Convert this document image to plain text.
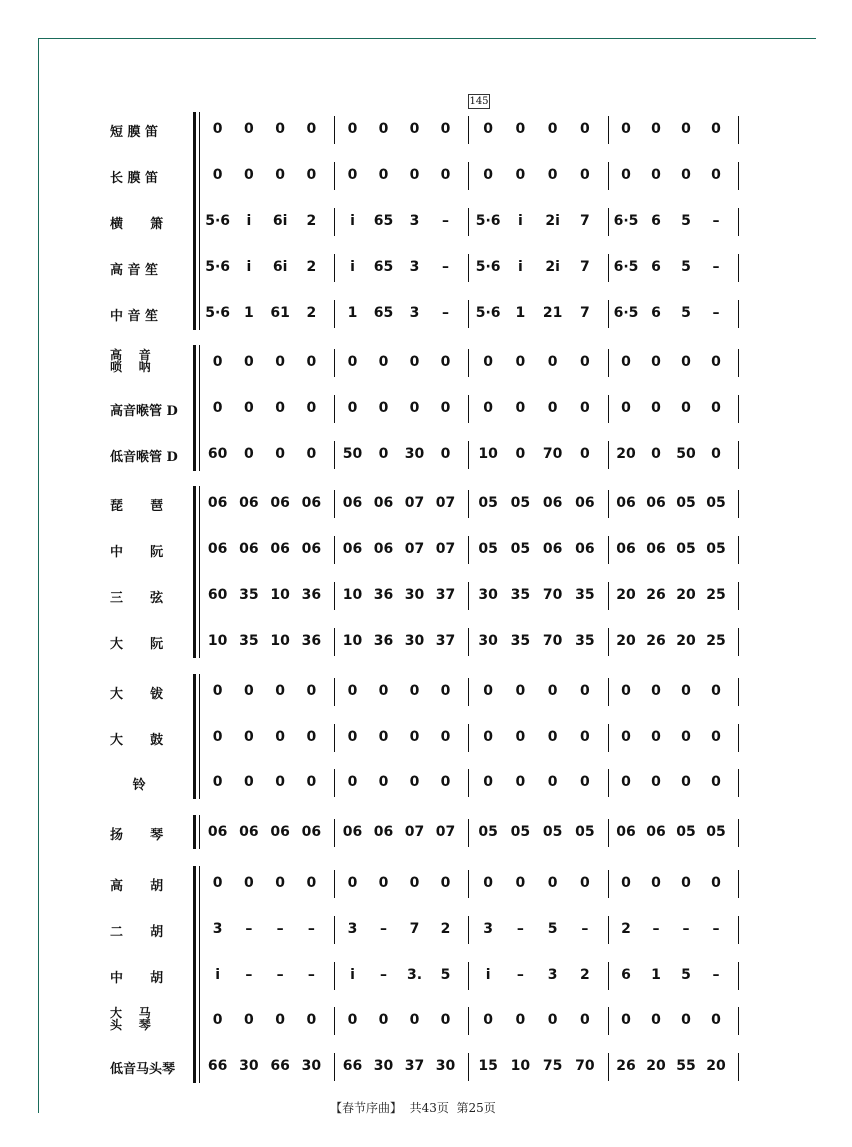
145
短 膜 笛	0	0	0	0	0	0	0	0	0	0	0	0	0	0	0	0
长 膜 笛	0	0	0	0	0	0	0	0	0	0	0	0	0	0	0	0
横      箫	5·6	i	6i	2	i	65	3	–	5·6	i	2i	7	6·5 6	5	–
高 音 笙	5·6	i	6i	2	i	65	3	–	5·6	i	2i	7	6·5 6	5	–
中 音 笙	5·6 1	61	2	1	65	3	–	5·6	1	21	7	6·5 6	5	–
高    音
唢    呐	0	0	0	0	0	0	0	0	0	0	0	0	0	0	0	0
高音喉管 D	0	0	0	0	0	0	0	0	0	0	0	0	0	0	0	0
低音喉管 D	60	0	0	0	50	0	30	0	10	0	70	0	20	0	50	0
琵      琶	06 06 06 06	06 06 07 07	05 05 06 06	06 06 05 05
中      阮	06 06 06 06	06 06 07 07	05 05 06 06	06 06 05 05
三      弦	60 35 10 36	10 36 30 37	30 35 70 35	20 26 20 25
大      阮	10 35 10 36	10 36 30 37	30 35 70 35	20 26 20 25
大      钹	0	0	0	0	0	0	0	0	0	0	0	0	0	0	0	0
大      鼓	0	0	0	0	0	0	0	0	0	0	0	0	0	0	0	0
铃	0	0	0	0	0	0	0	0	0	0	0	0	0	0	0	0
扬      琴	06 06 06 06	06 06 07 07	05 05 05 05	06 06 05 05
高      胡	0	0	0	0	0	0	0	0	0	0	0	0	0	0	0	0
二      胡	3	–	–	–	3	–	7	2	3	–	5	–	2	–	–	–
中      胡	i	–	–	–	i	–	3.	5	i	–	3	2	6	1	5	–
大    马
头    琴	0	0	0	0	0	0	0	0	0	0	0	0	0	0	0	0
低音马头琴	66 30 66 30	66 30 37 30	15 10 75 70	26 20 55 20
【春节序曲】  共43页  第25页
